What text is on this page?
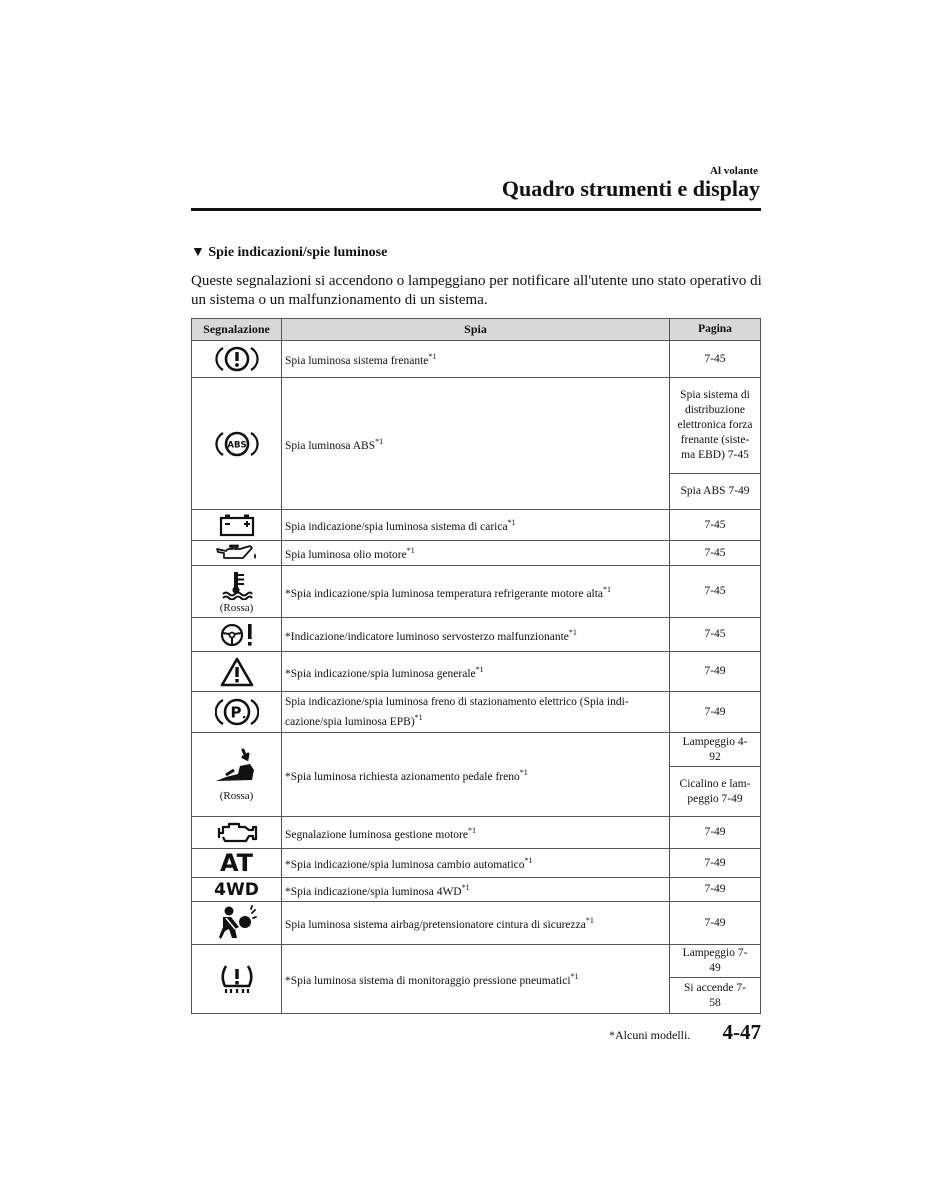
Al volante
Quadro strumenti e display
▼ Spie indicazioni/spie luminose
Queste segnalazioni si accendono o lampeggiano per notificare all'utente uno stato operativo di un sistema o un malfunzionamento di un sistema.
Segnalazione	Spia	Pagina

	Spia luminosa sistema frenante$^{*1}$	7-45

ABS	Spia luminosa ABS$^{*1}$	Spia sistema di distribuzione elettronica forza frenante (siste-ma EBD) 7-45
		Spia ABS 7-49

	Spia indicazione/spia luminosa sistema di carica$^{*1}$	7-45

	Spia luminosa olio motore$^{*1}$	7-45

(Rossa)	*Spia indicazione/spia luminosa temperatura refrigerante motore alta$^{*1}$	7-45

	*Indicazione/indicatore luminoso servosterzo malfunzionante$^{*1}$	7-45

	*Spia indicazione/spia luminosa generale$^{*1}$	7-49

P	Spia indicazione/spia luminosa freno di stazionamento elettrico (Spia indi-cazione/spia luminosa EPB)$^{*1}$	7-49

(Rossa)	*Spia luminosa richiesta azionamento pedale freno$^{*1}$	Lampeggio 4-92
		Cicalino e lam-peggio 7-49

	Segnalazione luminosa gestione motore$^{*1}$	7-49
AT	*Spia indicazione/spia luminosa cambio automatico$^{*1}$	7-49
4WD	*Spia indicazione/spia luminosa 4WD$^{*1}$	7-49

	Spia luminosa sistema airbag/pretensionatore cintura di sicurezza$^{*1}$	7-49

	*Spia luminosa sistema di monitoraggio pressione pneumatici$^{*1}$	Lampeggio 7-49
		Si accende 7-58
*Alcuni modelli. 4-47
